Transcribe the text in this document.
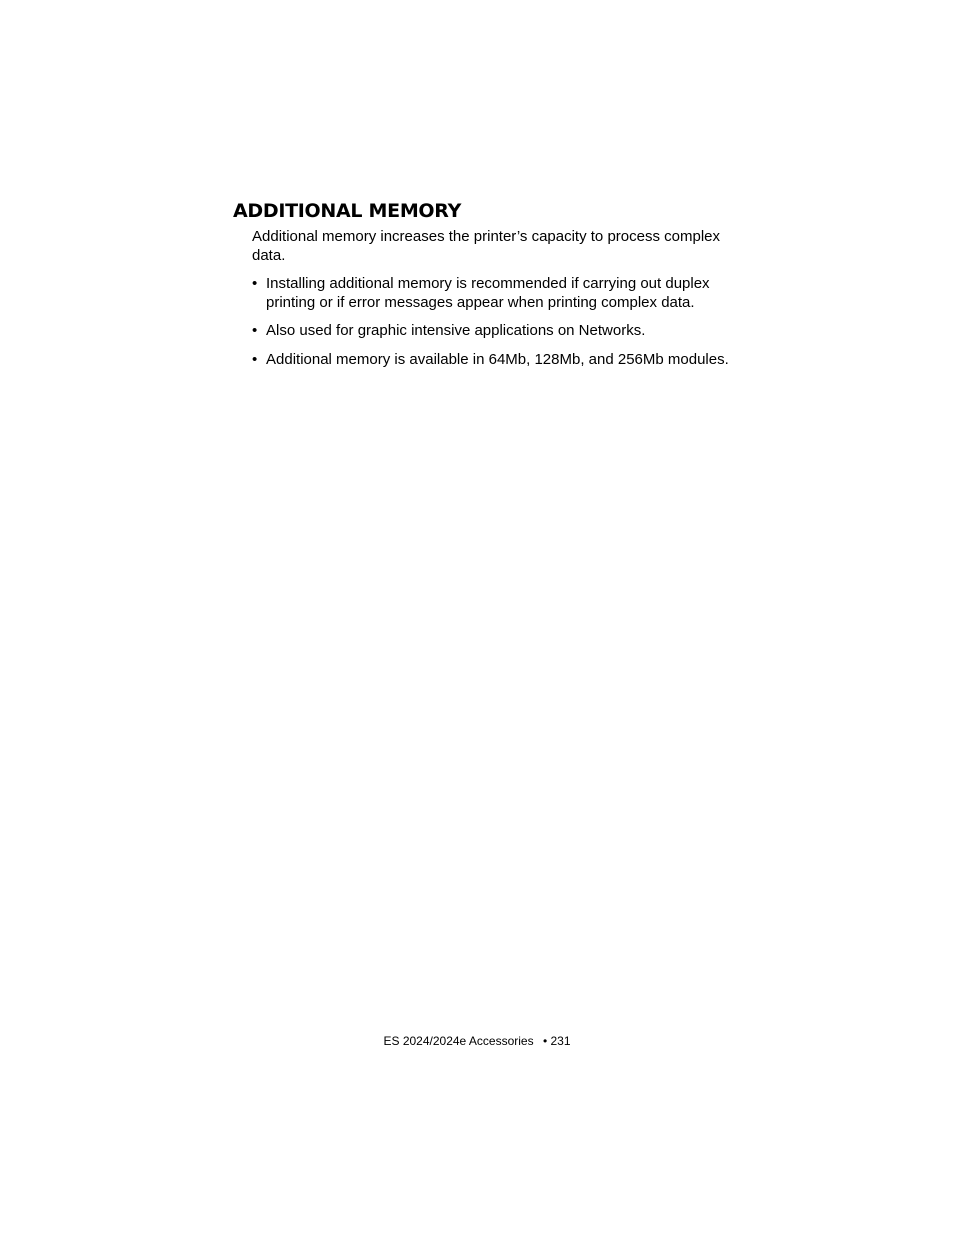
ADDITIONAL MEMORY

Additional memory increases the printer’s capacity to process complex data.

• Installing additional memory is recommended if carrying out duplex printing or if error messages appear when printing complex data.
• Also used for graphic intensive applications on Networks.
• Additional memory is available in 64Mb, 128Mb, and 256Mb modules.
ES 2024/2024e Accessories • 231
